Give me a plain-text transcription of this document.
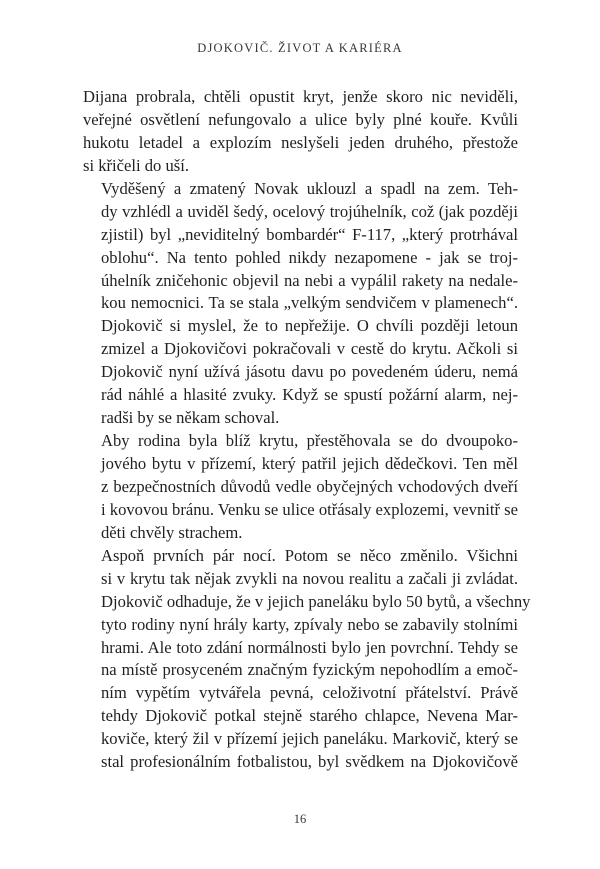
DJOKOVIČ. ŽIVOT A KARIÉRA

Dijana probrala, chtěli opustit kryt, jenže skoro nic neviděli,
veřejné osvětlení nefungovalo a ulice byly plné kouře. Kvůli
hukotu letadel a explozím neslyšeli jeden druhého, přestože
si křičeli do uší.

Vyděšený a zmatený Novak uklouzl a spadl na zem. Teh-
dy vzhlédl a uviděl šedý, ocelový trojúhelník, což (jak později
zjistil) byl „neviditelný bombardér“ F-117, „který protrhával
oblohu“. Na tento pohled nikdy nezapomene - jak se troj-
úhelník zničehonic objevil na nebi a vypálil rakety na nedale-
kou nemocnici. Ta se stala „velkým sendvičem v plamenech“.
Djokovič si myslel, že to nepřežije. O chvíli později letoun
zmizel a Djokovičovi pokračovali v cestě do krytu. Ačkoli si
Djokovič nyní užívá jásotu davu po povedeném úderu, nemá
rád náhlé a hlasité zvuky. Když se spustí požární alarm, nej-
radši by se někam schoval.

Aby rodina byla blíž krytu, přestěhovala se do dvoupoko-
jového bytu v přízemí, který patřil jejich dědečkovi. Ten měl
z bezpečnostních důvodů vedle obyčejných vchodových dveří
i kovovou bránu. Venku se ulice otřásaly explozemi, vevnitř se
děti chvěly strachem.

Aspoň prvních pár nocí. Potom se něco změnilo. Všichni
si v krytu tak nějak zvykli na novou realitu a začali ji zvládat.
Djokovič odhaduje, že v jejich paneláku bylo 50 bytů, a všechny
tyto rodiny nyní hrály karty, zpívaly nebo se zabavily stolními
hrami. Ale toto zdání normálnosti bylo jen povrchní. Tehdy se
na místě prosyceném značným fyzickým nepohodlím a emoč-
ním vypětím vytvářela pevná, celoživotní přátelství. Právě
tehdy Djokovič potkal stejně starého chlapce, Nevena Mar-
koviče, který žil v přízemí jejich paneláku. Markovič, který se
stal profesionálním fotbalistou, byl svědkem na Djokovičově

16
